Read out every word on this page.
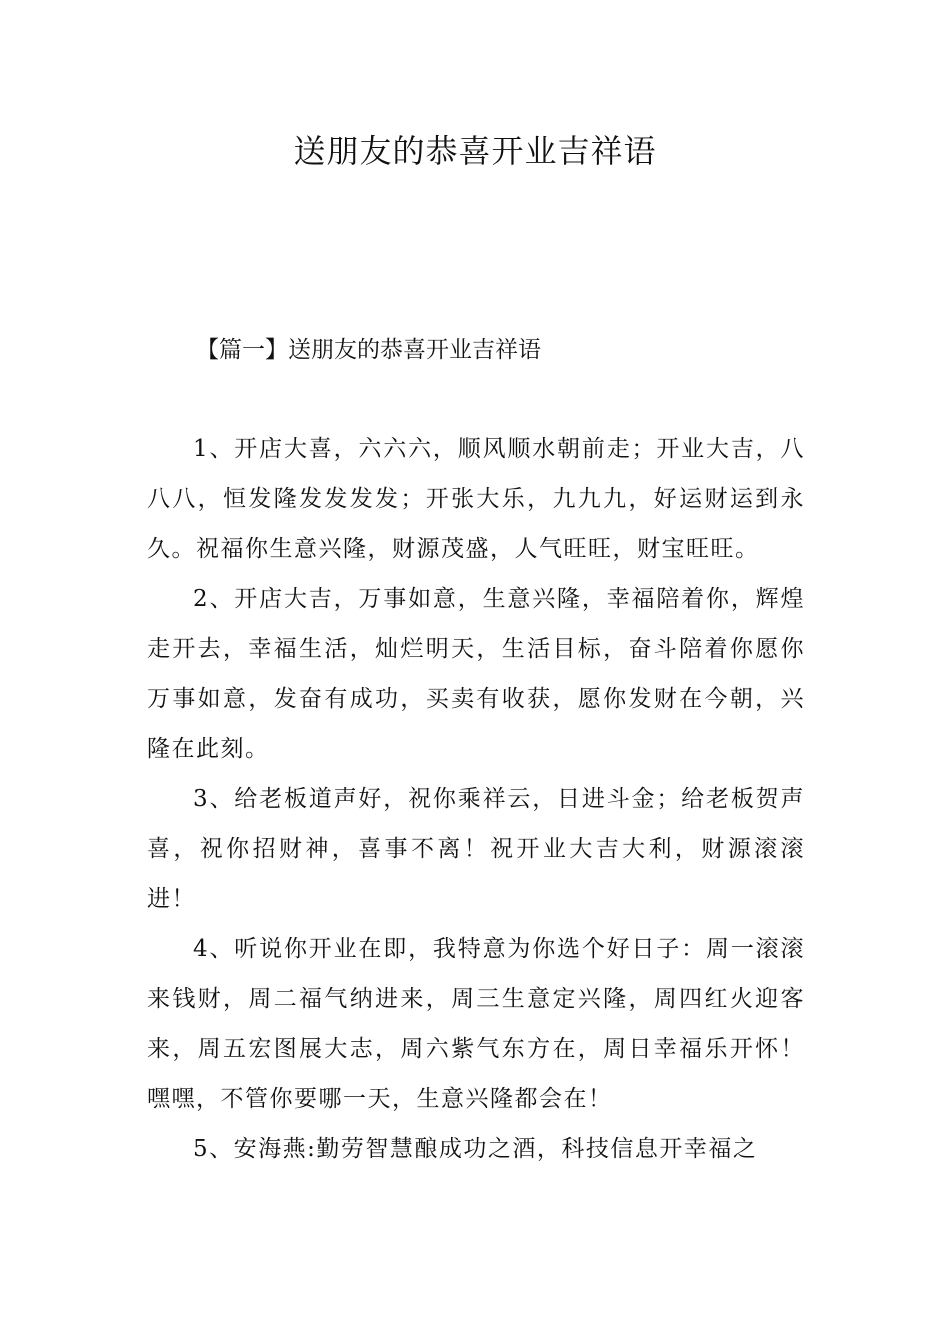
送朋友的恭喜开业吉祥语
【篇一】送朋友的恭喜开业吉祥语

1、开店大喜，六六六，顺风顺水朝前走；开业大吉，八八八，恒发隆发发发发；开张大乐，九九九，好运财运到永久。祝福你生意兴隆，财源茂盛，人气旺旺，财宝旺旺。

2、开店大吉，万事如意，生意兴隆，幸福陪着你，辉煌走开去，幸福生活，灿烂明天，生活目标，奋斗陪着你愿你万事如意，发奋有成功，买卖有收获，愿你发财在今朝，兴隆在此刻。

3、给老板道声好，祝你乘祥云，日进斗金；给老板贺声喜，祝你招财神，喜事不离！祝开业大吉大利，财源滚滚进！

4、听说你开业在即，我特意为你选个好日子：周一滚滚来钱财，周二福气纳进来，周三生意定兴隆，周四红火迎客来，周五宏图展大志，周六紫气东方在，周日幸福乐开怀！嘿嘿，不管你要哪一天，生意兴隆都会在！

5、安海燕:勤劳智慧酿成功之酒，科技信息开幸福之
